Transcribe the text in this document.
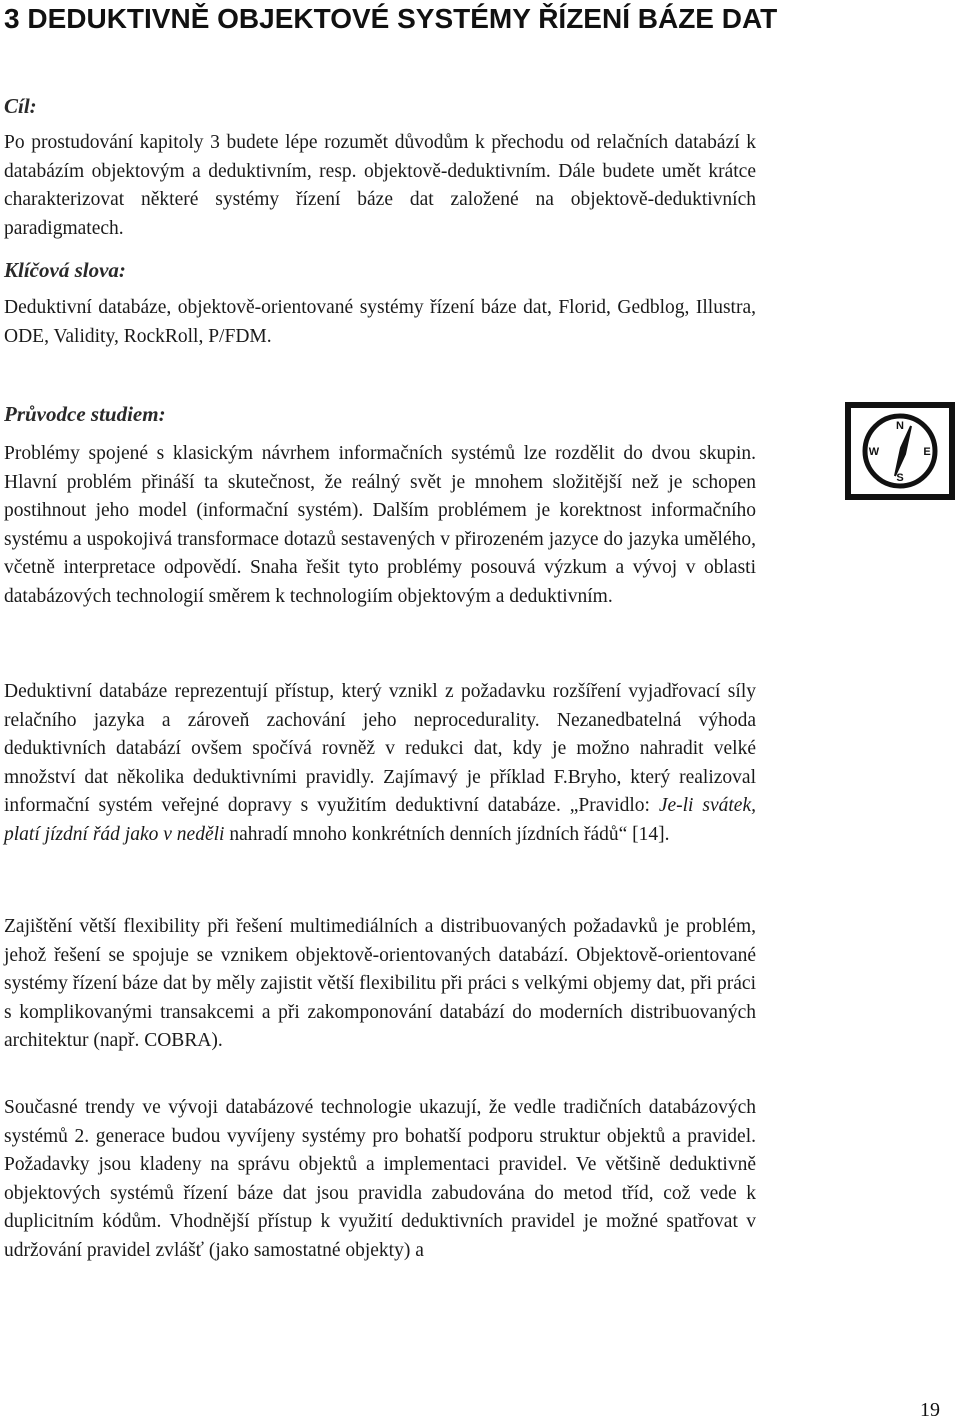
3 DEDUKTIVNĚ OBJEKTOVÉ SYSTÉMY ŘÍZENÍ BÁZE DAT
Cíl:

Po prostudování kapitoly 3 budete lépe rozumět důvodům k přechodu od relačních databází k databázím objektovým a deduktivním, resp. objektově-deduktivním. Dále budete umět krátce charakterizovat některé systémy řízení báze dat založené na objektově-deduktivních paradigmatech.

Klíčová slova:

Deduktivní databáze, objektově-orientované systémy řízení báze dat, Florid, Gedblog, Illustra, ODE, Validity, RockRoll, P/FDM.

Průvodce studiem:

Problémy spojené s klasickým návrhem informačních systémů lze rozdělit do dvou skupin. Hlavní problém přináší ta skutečnost, že reálný svět je mnohem složitější než je schopen postihnout jeho model (informační systém). Dalším problémem je korektnost informačního systému a uspokojivá transformace dotazů sestavených v přirozeném jazyce do jazyka umělého, včetně interpretace odpovědí. Snaha řešit tyto problémy posouvá výzkum a vývoj v oblasti databázových technologií směrem k technologiím objektovým a deduktivním.

N
W	E
S

Deduktivní databáze reprezentují přístup, který vznikl z požadavku rozšíření vyjadřovací síly relačního jazyka a zároveň zachování jeho neprocedurality. Nezanedbatelná výhoda deduktivních databází ovšem spočívá rovněž v redukci dat, kdy je možno nahradit velké množství dat několika deduktivními pravidly. Zajímavý je příklad F.Bryho, který realizoval informační systém veřejné dopravy s využitím deduktivní databáze. „Pravidlo: Je-li svátek, platí jízdní řád jako v neděli nahradí mnoho konkrétních denních jízdních řádů“ [14].

Zajištění větší flexibility při řešení multimediálních a distribuovaných požadavků je problém, jehož řešení se spojuje se vznikem objektově-orientovaných databází. Objektově-orientované systémy řízení báze dat by měly zajistit větší flexibilitu při práci s velkými objemy dat, při práci s komplikovanými transakcemi a při zakomponování databází do moderních distribuovaných architektur (např. COBRA).

Současné trendy ve vývoji databázové technologie ukazují, že vedle tradičních databázových systémů 2. generace budou vyvíjeny systémy pro bohatší podporu struktur objektů a pravidel. Požadavky jsou kladeny na správu objektů a implementaci pravidel. Ve většině deduktivně objektových systémů řízení báze dat jsou pravidla zabudována do metod tříd, což vede k duplicitním kódům. Vhodnější přístup k využití deduktivních pravidel je možné spatřovat v udržování pravidel zvlášť (jako samostatné objekty) a

19
